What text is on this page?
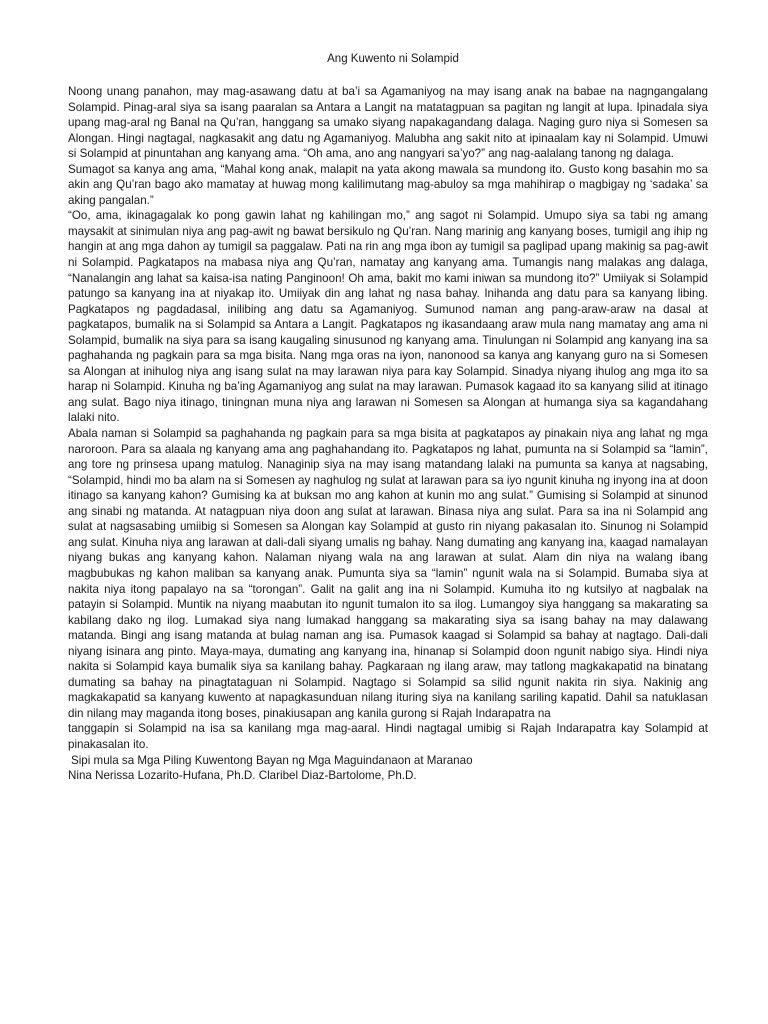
Ang Kuwento ni Solampid

Noong unang panahon, may mag-asawang datu at ba’i sa Agamaniyog na may isang anak na babae na nagngangalang Solampid. Pinag-aral siya sa isang paaralan sa Antara a Langit na matatagpuan sa pagitan ng langit at lupa. Ipinadala siya upang mag-aral ng Banal na Qu’ran, hanggang sa umako siyang napakagandang dalaga. Naging guro niya si Somesen sa Alongan. Hingi nagtagal, nagkasakit ang datu ng Agamaniyog. Malubha ang sakit nito at ipinaalam kay ni Solampid. Umuwi si Solampid at pinuntahan ang kanyang ama. “Oh ama, ano ang nangyari sa’yo?” ang nag-aalalang tanong ng dalaga.

Sumagot sa kanya ang ama, “Mahal kong anak, malapit na yata akong mawala sa mundong ito. Gusto kong basahin mo sa akin ang Qu’ran bago ako mamatay at huwag mong kalilimutang mag-abuloy sa mga mahihirap o magbigay ng ‘sadaka’ sa aking pangalan.”

“Oo, ama, ikinagagalak ko pong gawin lahat ng kahilingan mo,” ang sagot ni Solampid. Umupo siya sa tabi ng amang maysakit at sinimulan niya ang pag-awit ng bawat bersikulo ng Qu’ran. Nang marinig ang kanyang boses, tumigil ang ihip ng hangin at ang mga dahon ay tumigil sa paggalaw. Pati na rin ang mga ibon ay tumigil sa paglipad upang makinig sa pag-awit ni Solampid. Pagkatapos na mabasa niya ang Qu’ran, namatay ang kanyang ama. Tumangis nang malakas ang dalaga, “Nanalangin ang lahat sa kaisa-isa nating Panginoon! Oh ama, bakit mo kami iniwan sa mundong ito?” Umiiyak si Solampid patungo sa kanyang ina at niyakap ito. Umiiyak din ang lahat ng nasa bahay. Inihanda ang datu para sa kanyang libing. Pagkatapos ng pagdadasal, inilibing ang datu sa Agamaniyog. Sumunod naman ang pang-araw-araw na dasal at pagkatapos, bumalik na si Solampid sa Antara a Langit. Pagkatapos ng ikasandaang araw mula nang mamatay ang ama ni Solampid, bumalik na siya para sa isang kaugaling sinusunod ng kanyang ama. Tinulungan ni Solampid ang kanyang ina sa paghahanda ng pagkain para sa mga bisita. Nang mga oras na iyon, nanonood sa kanya ang kanyang guro na si Somesen sa Alongan at inihulog niya ang isang sulat na may larawan niya para kay Solampid. Sinadya niyang ihulog ang mga ito sa harap ni Solampid. Kinuha ng ba’ing Agamaniyog ang sulat na may larawan. Pumasok kagaad ito sa kanyang silid at itinago ang sulat. Bago niya itinago, tiningnan muna niya ang larawan ni Somesen sa Alongan at humanga siya sa kagandahang lalaki nito.

Abala naman si Solampid sa paghahanda ng pagkain para sa mga bisita at pagkatapos ay pinakain niya ang lahat ng mga naroroon. Para sa alaala ng kanyang ama ang paghahandang ito. Pagkatapos ng lahat, pumunta na si Solampid sa “lamin”, ang tore ng prinsesa upang matulog. Nanaginip siya na may isang matandang lalaki na pumunta sa kanya at nagsabing, “Solampid, hindi mo ba alam na si Somesen ay naghulog ng sulat at larawan para sa iyo ngunit kinuha ng inyong ina at doon itinago sa kanyang kahon? Gumising ka at buksan mo ang kahon at kunin mo ang sulat.” Gumising si Solampid at sinunod ang sinabi ng matanda. At natagpuan niya doon ang sulat at larawan. Binasa niya ang sulat. Para sa ina ni Solampid ang sulat at nagsasabing umiibig si Somesen sa Alongan kay Solampid at gusto rin niyang pakasalan ito. Sinunog ni Solampid ang sulat. Kinuha niya ang larawan at dali-dali siyang umalis ng bahay. Nang dumating ang kanyang ina, kaagad namalayan niyang bukas ang kanyang kahon. Nalaman niyang wala na ang larawan at sulat. Alam din niya na walang ibang magbubukas ng kahon maliban sa kanyang anak. Pumunta siya sa “lamin” ngunit wala na si Solampid. Bumaba siya at nakita niya itong papalayo na sa “torongan”. Galit na galit ang ina ni Solampid. Kumuha ito ng kutsilyo at nagbalak na patayin si Solampid. Muntik na niyang maabutan ito ngunit tumalon ito sa ilog. Lumangoy siya hanggang sa makarating sa kabilang dako ng ilog. Lumakad siya nang lumakad hanggang sa makarating siya sa isang bahay na may dalawang matanda. Bingi ang isang matanda at bulag naman ang isa. Pumasok kaagad si Solampid sa bahay at nagtago. Dali-dali niyang isinara ang pinto. Maya-maya, dumating ang kanyang ina, hinanap si Solampid doon ngunit nabigo siya. Hindi niya nakita si Solampid kaya bumalik siya sa kanilang bahay. Pagkaraan ng ilang araw, may tatlong magkakapatid na binatang dumating sa bahay na pinagtataguan ni Solampid. Nagtago si Solampid sa silid ngunit nakita rin siya. Nakinig ang magkakapatid sa kanyang kuwento at napagkasunduan nilang ituring siya na kanilang sariling kapatid. Dahil sa natuklasan din nilang may maganda itong boses, pinakiusapan ang kanila gurong si Rajah Indarapatra na

tanggapin si Solampid na isa sa kanilang mga mag-aaral. Hindi nagtagal umibig si Rajah Indarapatra kay Solampid at pinakasalan ito.

Sipi mula sa Mga Piling Kuwentong Bayan ng Mga Maguindanaon at Maranao

Nina Nerissa Lozarito-Hufana, Ph.D. Claribel Diaz-Bartolome, Ph.D.
